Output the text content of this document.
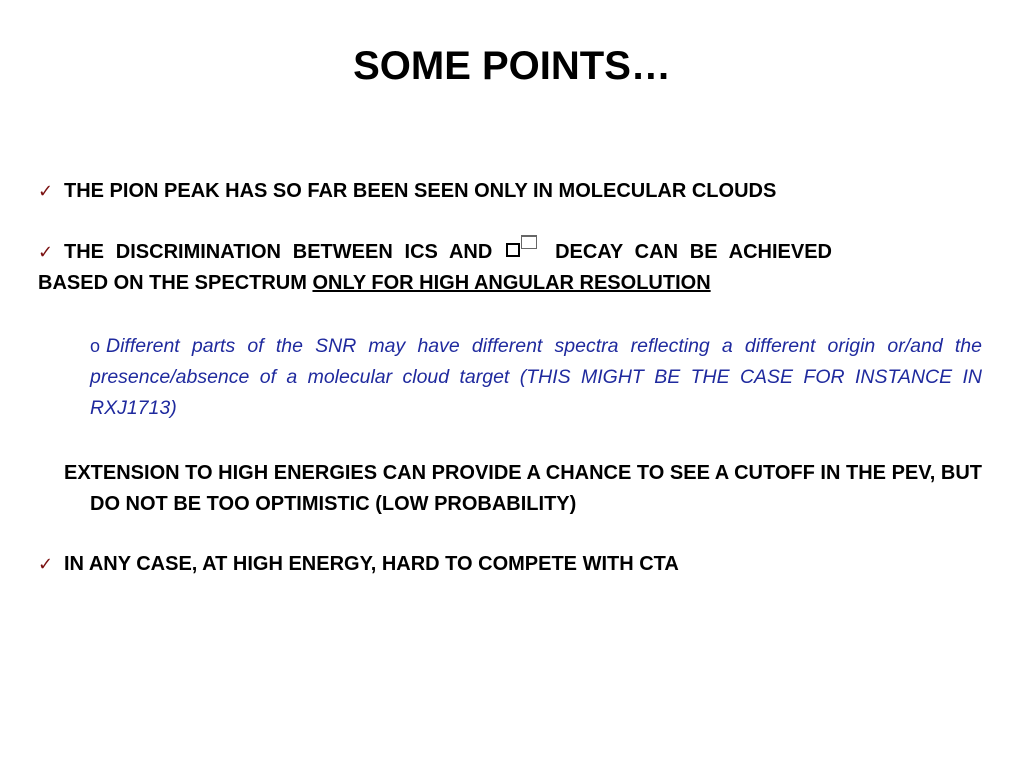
SOME POINTS…

✓ THE PION PEAK HAS SO FAR BEEN SEEN ONLY IN MOLECULAR CLOUDS

✓ THE DISCRIMINATION BETWEEN ICS AND	DECAY CAN BE ACHIEVEDBASED ON THE SPECTRUM ONLY FOR HIGH ANGULAR RESOLUTION

o Different parts of the SNR may have different spectra reflecting a different origin or/and the presence/absence of a molecular cloud target (THIS MIGHT BE THE CASE FOR INSTANCE IN RXJ1713)

EXTENSION TO HIGH ENERGIES CAN PROVIDE A CHANCE TO SEE A CUTOFF IN THE PEV, BUT DO NOT BE TOO OPTIMISTIC (LOW PROBABILITY)

✓ IN ANY CASE, AT HIGH ENERGY, HARD TO COMPETE WITH CTA
